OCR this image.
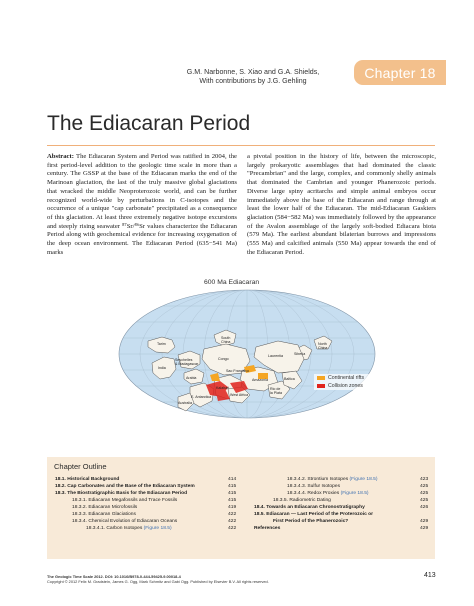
G.M. Narbonne, S. Xiao and G.A. Shields,
With contributions by J.G. Gehling
Chapter 18
The Ediacaran Period
Abstract: The Ediacaran System and Period was ratified in 2004, the first period-level addition to the geologic time scale in more than a century. The GSSP at the base of the Ediacaran marks the end of the Marinoan glaciation, the last of the truly massive global glaciations that wracked the middle Neoproterozoic world, and can be further recognized world-wide by perturbations in C-isotopes and the occurrence of a unique "cap carbonate" precipitated as a consequence of this glaciation. At least three extremely negative isotope excursions and steeply rising seawater ⁸⁷Sr/⁸⁶Sr values characterize the Ediacaran Period along with geochemical evidence for increasing oxygenation of the deep ocean environment. The Ediacaran Period (635−541 Ma) marks
a pivotal position in the history of life, between the microscopic, largely prokaryotic assemblages that had dominated the classic "Precambrian" and the large, complex, and commonly shelly animals that dominated the Cambrian and younger Phanerozoic periods. Diverse large spiny acritarchs and simple animal embryos occur immediately above the base of the Ediacaran and range through at least the lower half of the Ediacaran. The mid-Ediacaran Gaskiers glaciation (584−582 Ma) was immediately followed by the appearance of the Avalon assemblage of the largely soft-bodied Ediacara biota (579 Ma). The earliest abundant bilaterian burrows and impressions (555 Ma) and calcified animals (550 Ma) appear towards the end of the Ediacaran Period.
600 Ma Ediacaran
Tarim
South
China	North
China
Siberia
Seychelles
& Madagascar
India
Arabia
Congo
Amazonia
Laurentia
Sao Francisco
Baltica
Rio de
la Plata
West Africa
Kalahari
E. Antarctica
Australia
Continental rifts
Collision zones
Chapter Outline
18.1. Historical Background	414
18.2. Cap Carbonates and the Base of the Ediacaran System	415
18.3. The Biostratigraphic Basis for the Ediacaran Period	415
18.3.1. Ediacaran Megafossils and Trace Fossils	415
18.3.2. Ediacaran Microfossils	419
18.3.3. Ediacaran Glaciations	422
18.3.4. Chemical Evolution of Ediacaran Oceans	422
18.3.4.1. Carbon Isotopes (Figure 18.5)	422
18.3.4.2. Strontium Isotopes (Figure 18.5)	423
18.3.4.3. Sulfur Isotopes	425
18.3.4.4. Redox Proxies (Figure 18.5)	425
18.3.5. Radiometric Dating	425
18.4. Towards an Ediacaran Chronostratigraphy	426
18.5. Ediacaran — Last Period of the Proterozoic or
First Period of the Phanerozoic?	429
References	429
The Geologic Time Scale 2012. DOI: 10.1016/B978-0-444-59425-9.00018-4
Copyright © 2012 Felix M. Gradstein, James G. Ogg, Mark Schmitz and Gabi Ogg. Published by Elsevier B.V. All rights reserved.
413
